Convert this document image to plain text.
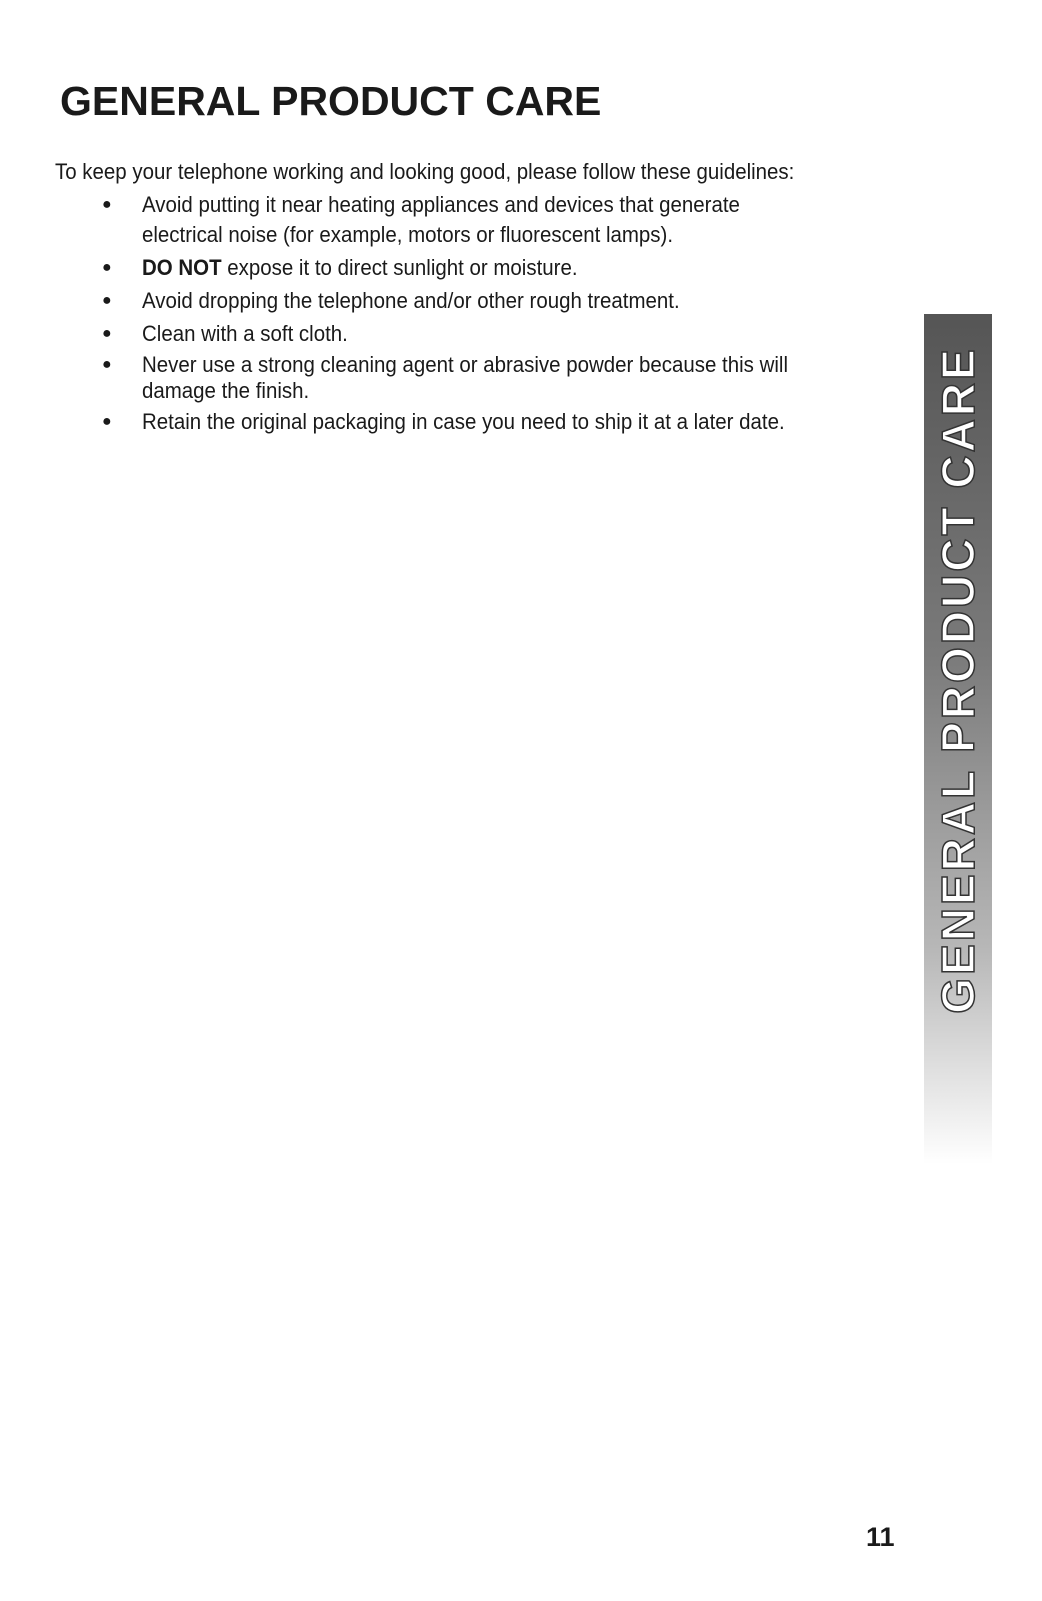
GENERAL PRODUCT CARE

To keep your telephone working and looking good, please follow these guidelines:

● Avoid putting it near heating appliances and devices that generate
electrical noise (for example, motors or fluorescent lamps).
● DO NOT expose it to direct sunlight or moisture.
● Avoid dropping the telephone and/or other rough treatment.
● Clean with a soft cloth.
● Never use a strong cleaning agent or abrasive powder because this will
damage the finish.
● Retain the original packaging in case you need to ship it at a later date.	GENERAL PRODUCT CARE
11
